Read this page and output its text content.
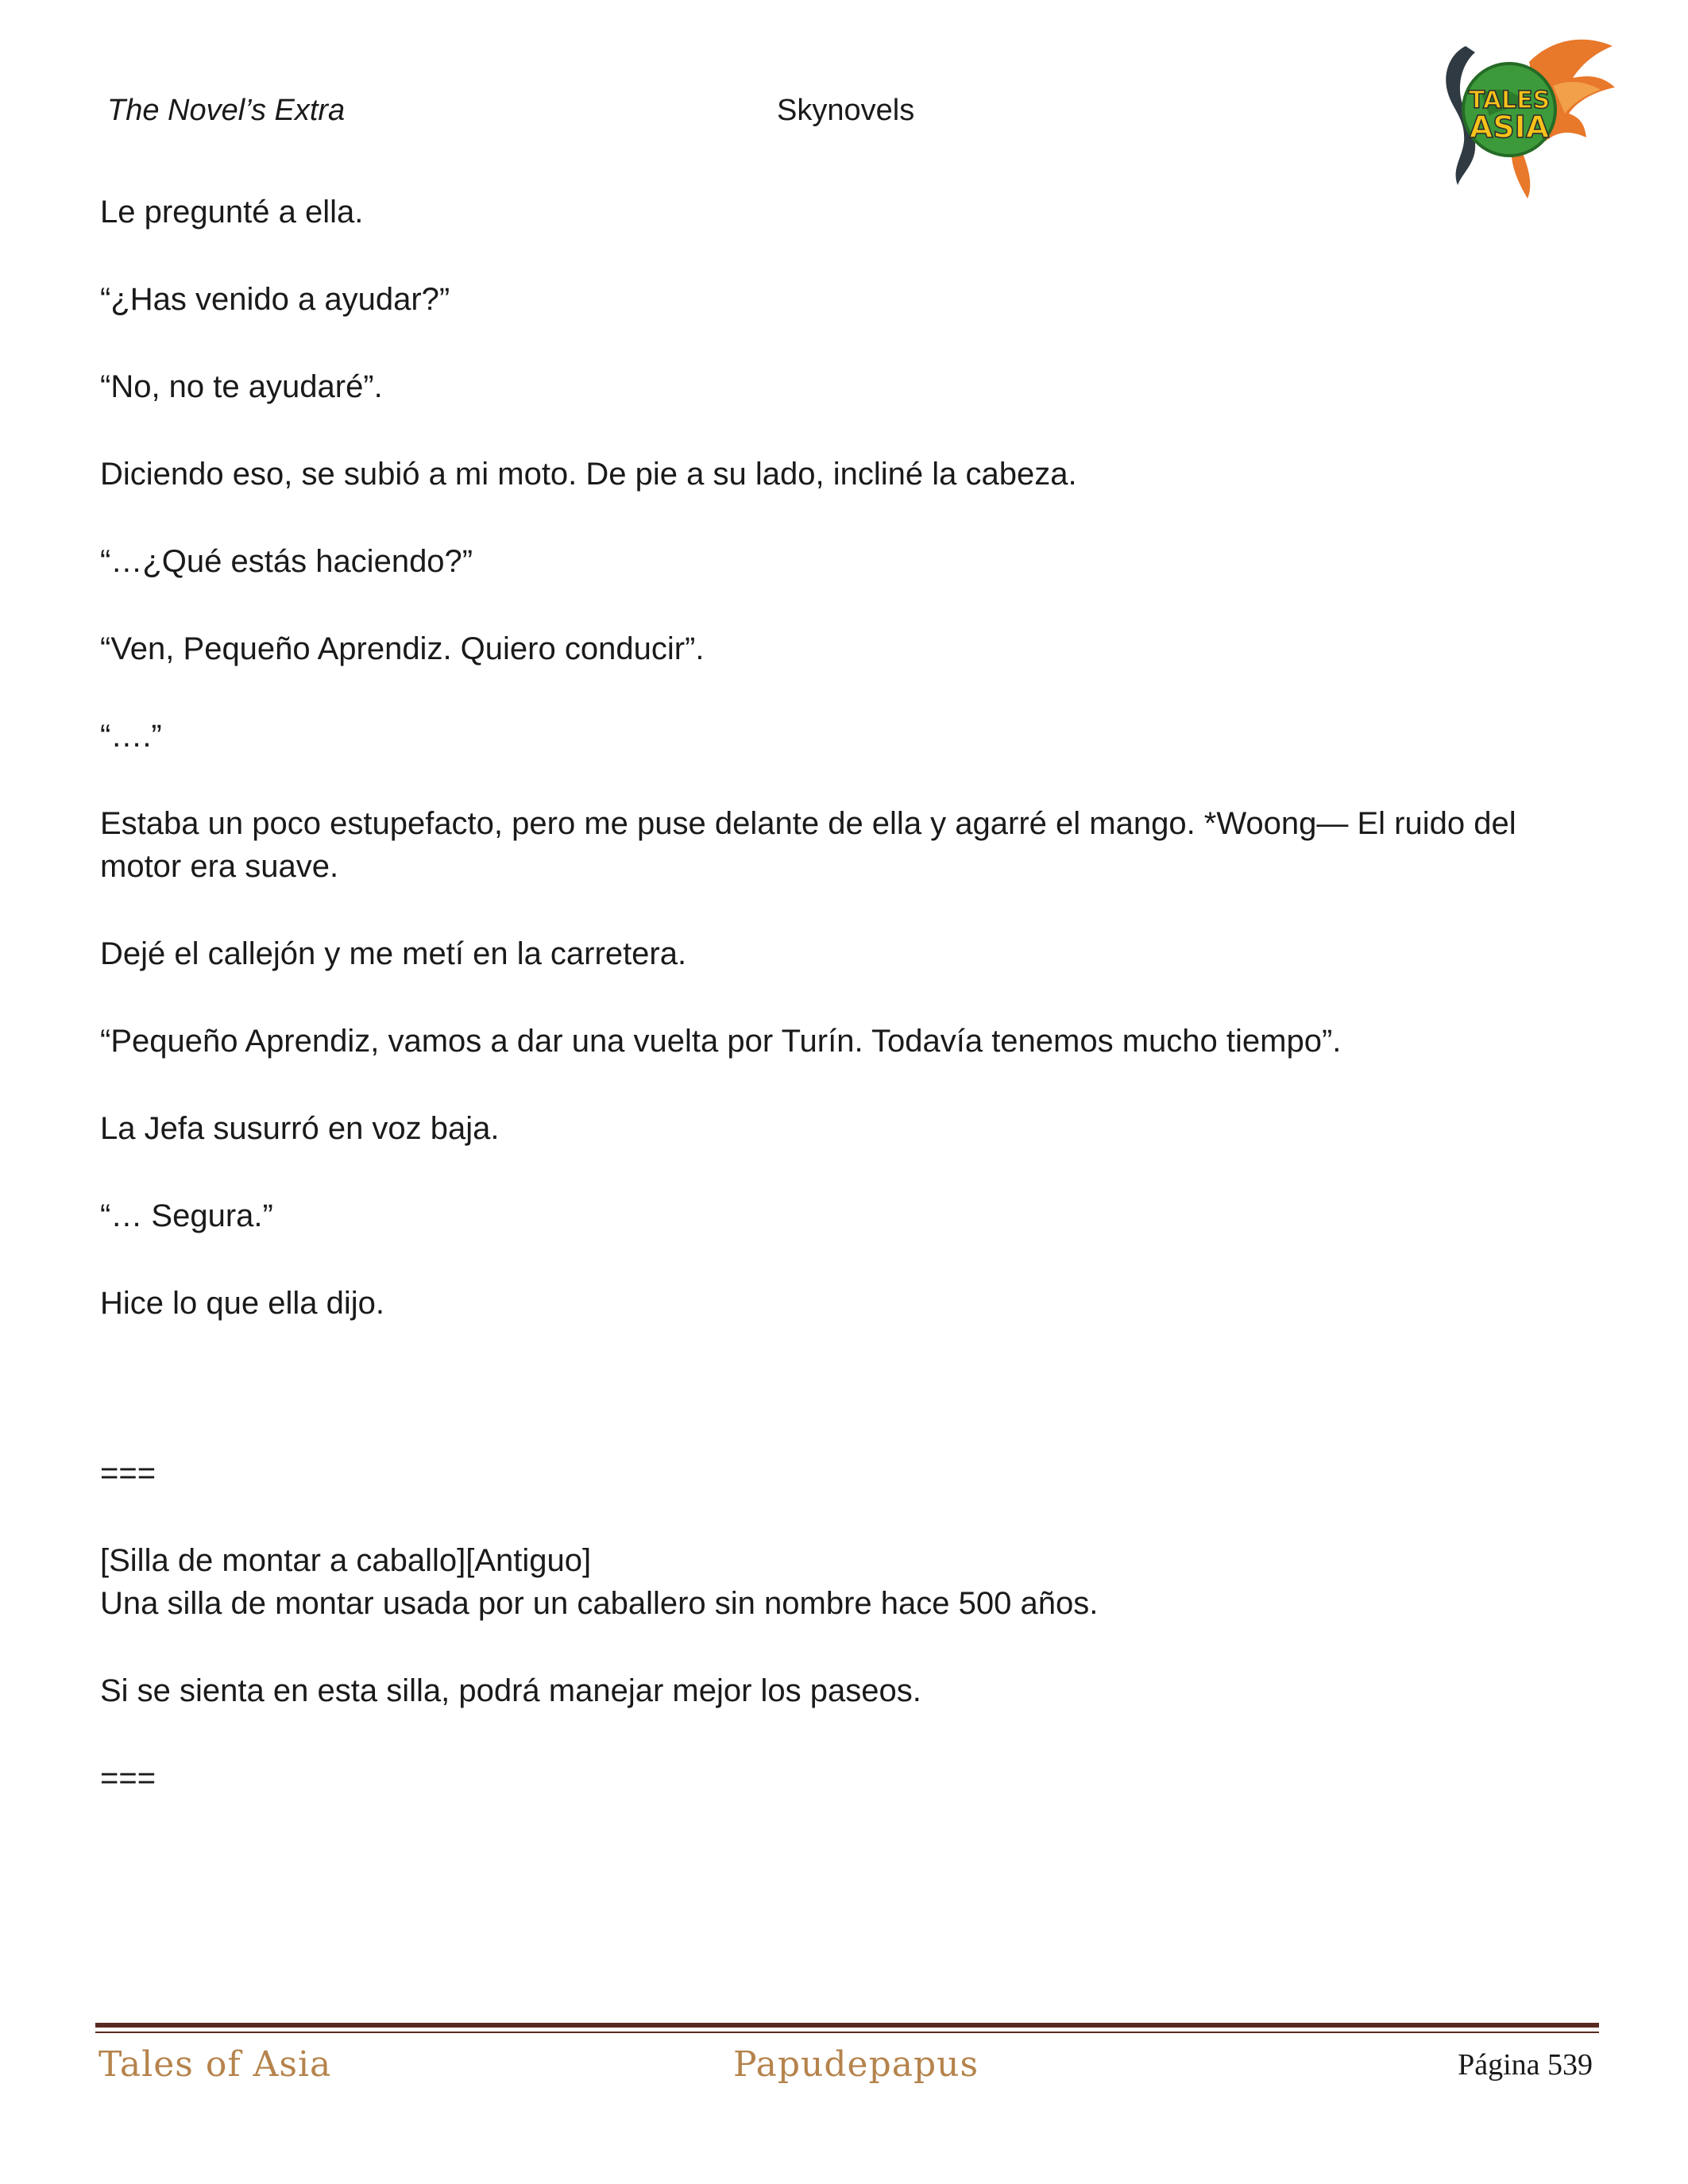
The Novel’s Extra	Skynovels	TALES
ASIA

Le pregunté a ella.

“¿Has venido a ayudar?”

“No, no te ayudaré”.

Diciendo eso, se subió a mi moto. De pie a su lado, incliné la cabeza.

“…¿Qué estás haciendo?”

“Ven, Pequeño Aprendiz. Quiero conducir”.

“….”

Estaba un poco estupefacto, pero me puse delante de ella y agarré el mango. *Woong— El ruido del motor era suave.

Dejé el callejón y me metí en la carretera.

“Pequeño Aprendiz, vamos a dar una vuelta por Turín. Todavía tenemos mucho tiempo”.

La Jefa susurró en voz baja.

“… Segura.”

Hice lo que ella dijo.

===

[Silla de montar a caballo][Antiguo]

Una silla de montar usada por un caballero sin nombre hace 500 años.

Si se sienta en esta silla, podrá manejar mejor los paseos.

===

Tales of Asia	Papudepapus	Página 539
